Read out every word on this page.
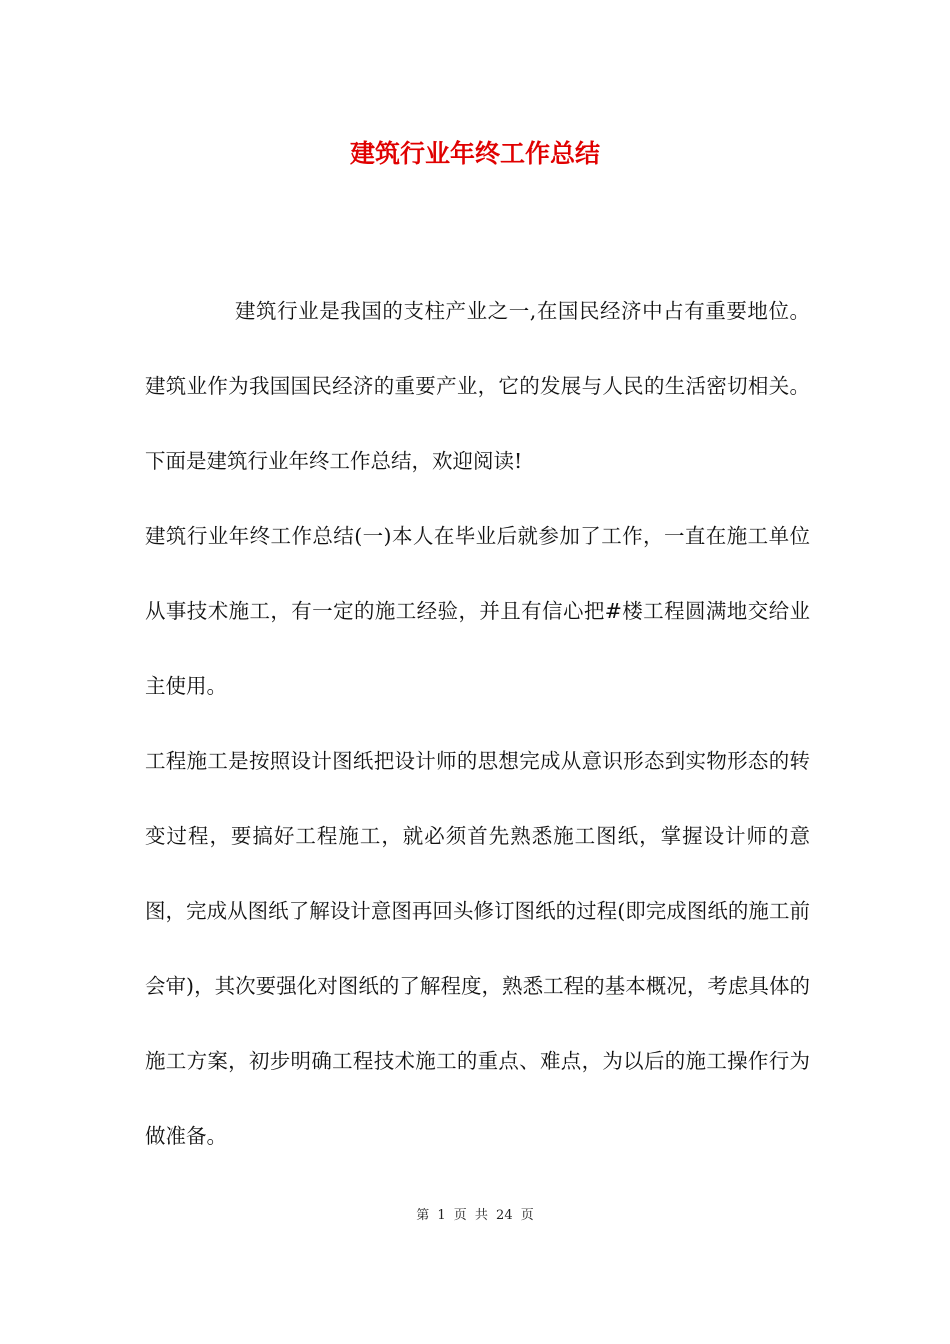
建筑行业年终工作总结

建筑行业是我国的支柱产业之一,在国民经济中占有重要地位。建筑业作为我国国民经济的重要产业，它的发展与人民的生活密切相关。下面是建筑行业年终工作总结，欢迎阅读!

建筑行业年终工作总结(一)本人在毕业后就参加了工作，一直在施工单位从事技术施工，有一定的施工经验，并且有信心把#楼工程圆满地交给业主使用。

工程施工是按照设计图纸把设计师的思想完成从意识形态到实物形态的转变过程，要搞好工程施工，就必须首先熟悉施工图纸，掌握设计师的意图，完成从图纸了解设计意图再回头修订图纸的过程(即完成图纸的施工前会审)，其次要强化对图纸的了解程度，熟悉工程的基本概况，考虑具体的施工方案，初步明确工程技术施工的重点、难点，为以后的施工操作行为做准备。

第 1 页 共 24 页
